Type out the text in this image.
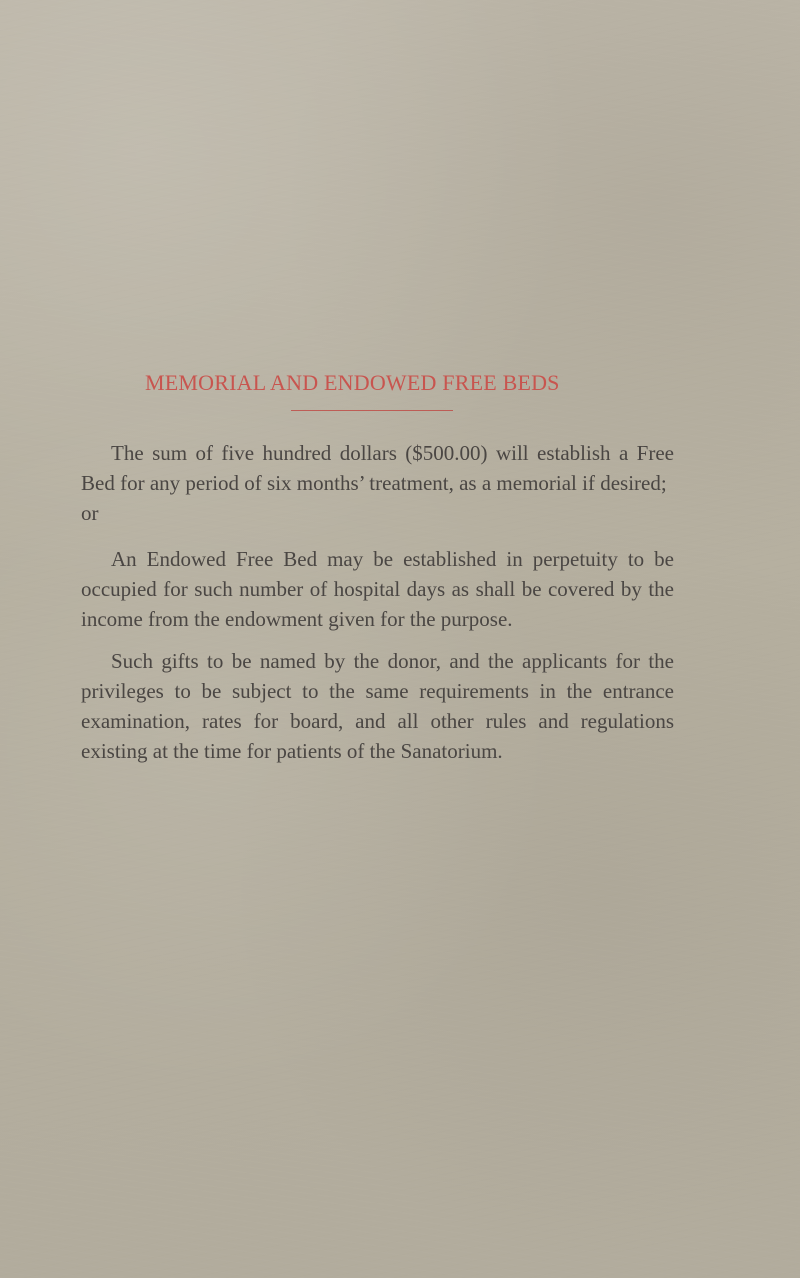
MEMORIAL AND ENDOWED FREE BEDS

The sum of five hundred dollars ($500.00) will establish a Free Bed for any period of six months’ treatment, as a memorial if desired;

or

An Endowed Free Bed may be established in perpetuity to be occupied for such number of hospital days as shall be covered by the income from the endowment given for the purpose.

Such gifts to be named by the donor, and the applicants for the privileges to be subject to the same requirements in the entrance examination, rates for board, and all other rules and regulations existing at the time for patients of the Sanatorium.
